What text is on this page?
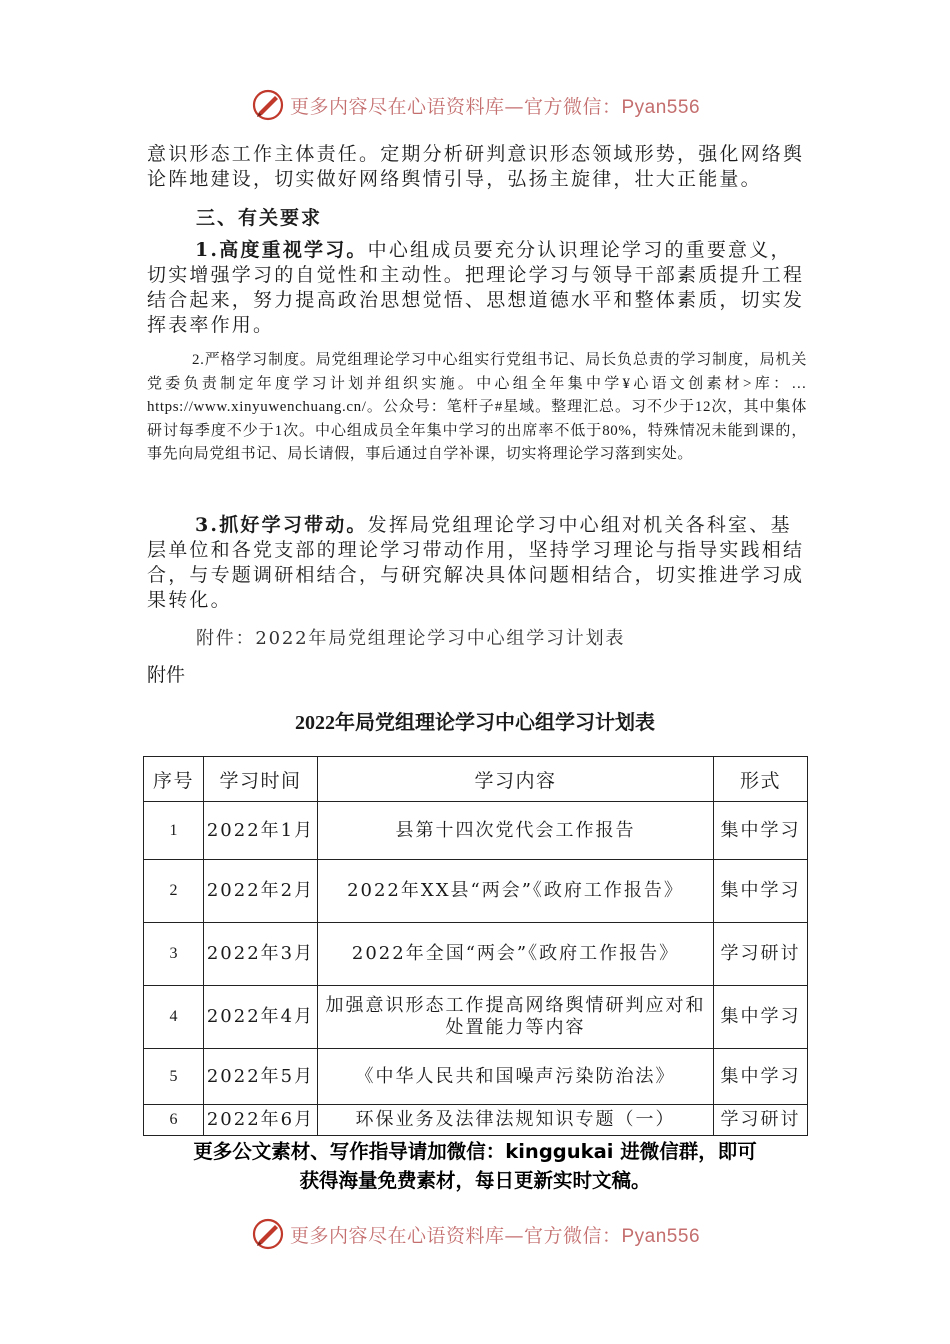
更多内容尽在心语资料库—官方微信：Pyan556
意识形态工作主体责任。定期分析研判意识形态领域形势，强化网络舆论阵地建设，切实做好网络舆情引导，弘扬主旋律，壮大正能量。
三、有关要求
1.高度重视学习。中心组成员要充分认识理论学习的重要意义，切实增强学习的自觉性和主动性。把理论学习与领导干部素质提升工程结合起来，努力提高政治思想觉悟、思想道德水平和整体素质，切实发挥表率作用。
2.严格学习制度。局党组理论学习中心组实行党组书记、局长负总责的学习制度，局机关党委负责制定年度学习计划并组织实施。中心组全年集中学¥心语文创素材>库：…https://www.xinyuwenchuang.cn/。公众号：笔杆子#星域。整理汇总。习不少于12次，其中集体研讨每季度不少于1次。中心组成员全年集中学习的出席率不低于80%，特殊情况未能到课的，事先向局党组书记、局长请假，事后通过自学补课，切实将理论学习落到实处。
3.抓好学习带动。发挥局党组理论学习中心组对机关各科室、基层单位和各党支部的理论学习带动作用，坚持学习理论与指导实践相结合，与专题调研相结合，与研究解决具体问题相结合，切实推进学习成果转化。
附件：2022年局党组理论学习中心组学习计划表
附件
2022年局党组理论学习中心组学习计划表
序号	学习时间	学习内容	形式
1	2022年1月	县第十四次党代会工作报告	集中学习
2	2022年2月	2022年XX县“两会”《政府工作报告》	集中学习
3	2022年3月	2022年全国“两会”《政府工作报告》	学习研讨
4	2022年4月	加强意识形态工作提高网络舆情研判应对和处置能力等内容	集中学习
5	2022年5月	《中华人民共和国噪声污染防治法》	集中学习
6	2022年6月	环保业务及法律法规知识专题（一）	学习研讨
更多公文素材、写作指导请加微信：kinggukai 进微信群，即可
获得海量免费素材，每日更新实时文稿。
更多内容尽在心语资料库—官方微信：Pyan556
